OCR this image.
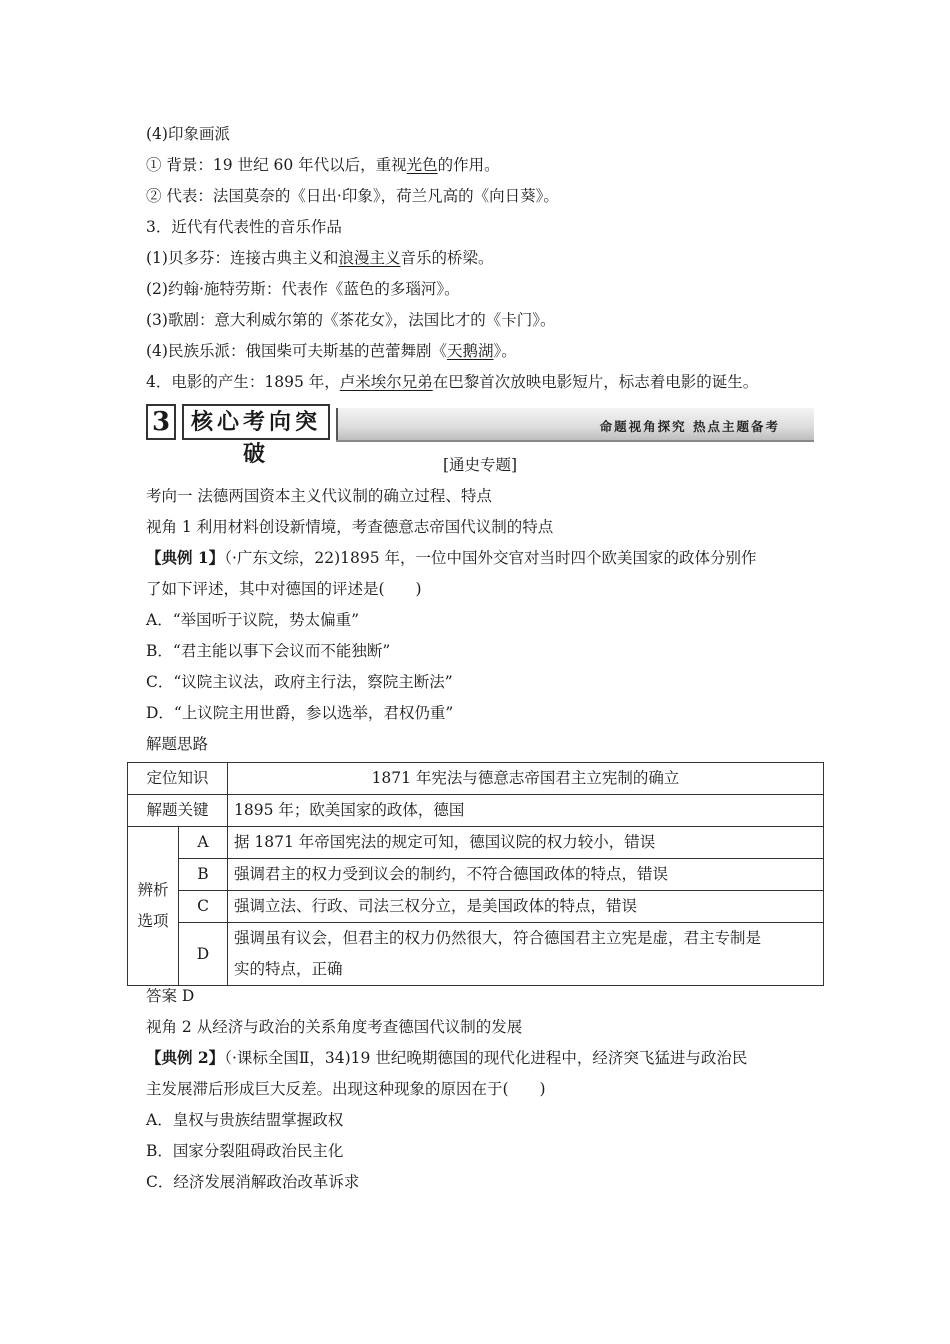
(4)印象画派
① 背景：19 世纪 60 年代以后，重视光色的作用。
② 代表：法国莫奈的《日出·印象》，荷兰凡高的《向日葵》。
3．近代有代表性的音乐作品
(1)贝多芬：连接古典主义和浪漫主义音乐的桥梁。
(2)约翰·施特劳斯：代表作《蓝色的多瑙河》。
(3)歌剧：意大利威尔第的《茶花女》，法国比才的《卡门》。
(4)民族乐派：俄国柴可夫斯基的芭蕾舞剧《天鹅湖》。
4．电影的产生：1895 年，卢米埃尔兄弟在巴黎首次放映电影短片，标志着电影的诞生。
3 核心考向突破
命题视角探究 热点主题备考
[通史专题]
考向一 法德两国资本主义代议制的确立过程、特点
视角 1 利用材料创设新情境，考查德意志帝国代议制的特点
【典例 1】（·广东文综，22)1895 年，一位中国外交官对当时四个欧美国家的政体分别作
了如下评述，其中对德国的评述是(　　)
A．“举国听于议院，势太偏重”
B．“君主能以事下会议而不能独断”
C．“议院主议法，政府主行法，察院主断法”
D．“上议院主用世爵，参以选举，君权仍重”
解题思路
定位知识		1871 年宪法与德意志帝国君主立宪制的确立
解题关键		1895 年；欧美国家的政体，德国
辨析
选项	A	据 1871 年帝国宪法的规定可知，德国议院的权力较小，错误
	B	强调君主的权力受到议会的制约，不符合德国政体的特点，错误
	C	强调立法、行政、司法三权分立，是美国政体的特点，错误
	D	强调虽有议会，但君主的权力仍然很大，符合德国君主立宪是虚，君主专制是
实的特点，正确
答案 D
视角 2 从经济与政治的关系角度考查德国代议制的发展
【典例 2】（·课标全国Ⅱ，34)19 世纪晚期德国的现代化进程中，经济突飞猛进与政治民
主发展滞后形成巨大反差。出现这种现象的原因在于(　　)
A．皇权与贵族结盟掌握政权
B．国家分裂阻碍政治民主化
C．经济发展消解政治改革诉求
